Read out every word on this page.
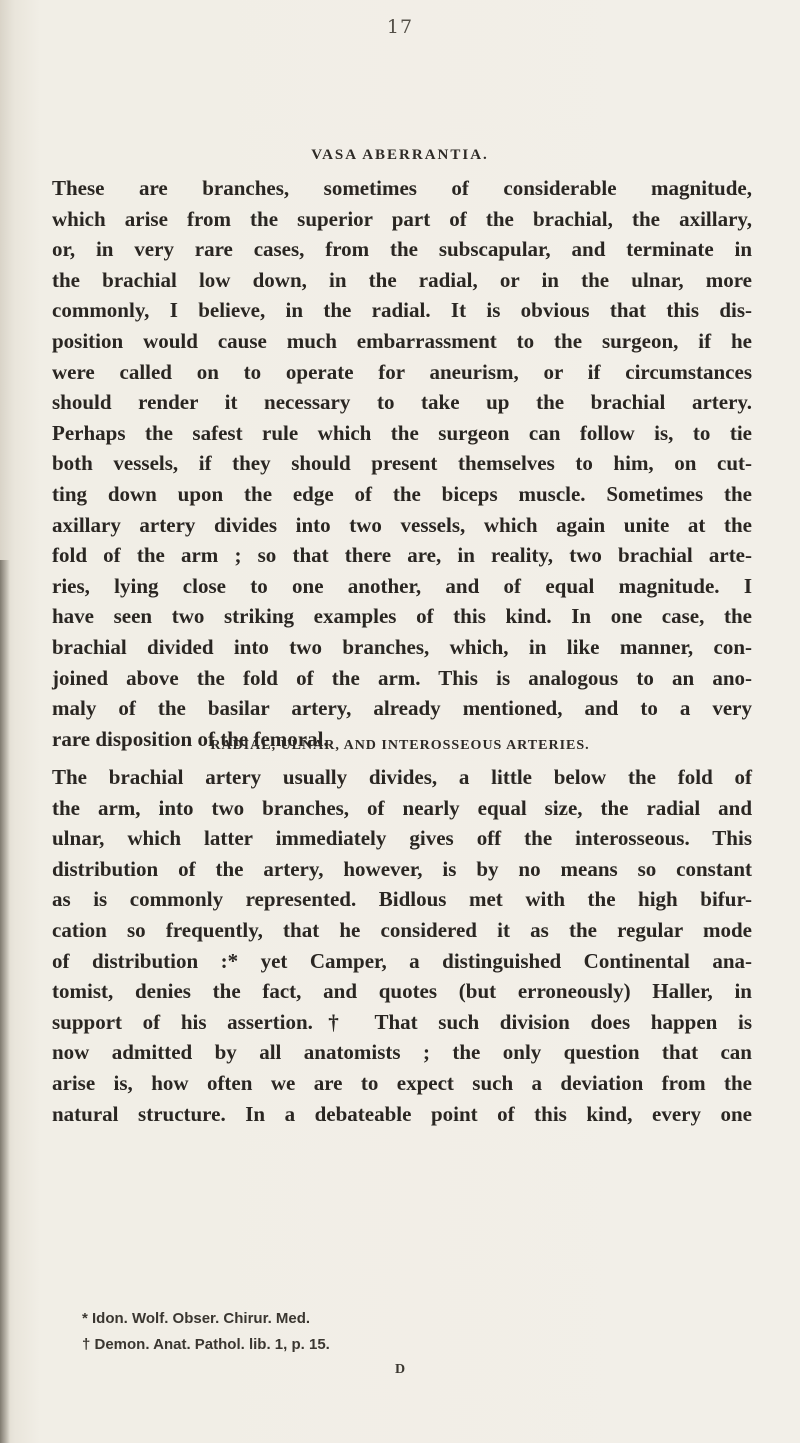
17
VASA ABERRANTIA.
These are branches, sometimes of considerable magnitude,
which arise from the superior part of the brachial, the axillary,
or, in very rare cases, from the subscapular, and terminate in
the brachial low down, in the radial, or in the ulnar, more
commonly, I believe, in the radial. It is obvious that this dis-
position would cause much embarrassment to the surgeon, if he
were called on to operate for aneurism, or if circumstances
should render it necessary to take up the brachial artery.
Perhaps the safest rule which the surgeon can follow is, to tie
both vessels, if they should present themselves to him, on cut-
ting down upon the edge of the biceps muscle. Sometimes the
axillary artery divides into two vessels, which again unite at the
fold of the arm ; so that there are, in reality, two brachial arte-
ries, lying close to one another, and of equal magnitude. I
have seen two striking examples of this kind. In one case, the
brachial divided into two branches, which, in like manner, con-
joined above the fold of the arm. This is analogous to an ano-
maly of the basilar artery, already mentioned, and to a very
rare disposition of the femoral.
RADIAL, ULNAR, AND INTEROSSEOUS ARTERIES.
The brachial artery usually divides, a little below the fold of
the arm, into two branches, of nearly equal size, the radial and
ulnar, which latter immediately gives off the interosseous. This
distribution of the artery, however, is by no means so constant
as is commonly represented. Bidlous met with the high bifur-
cation so frequently, that he considered it as the regular mode
of distribution :* yet Camper, a distinguished Continental ana-
tomist, denies the fact, and quotes (but erroneously) Haller, in
support of his assertion.† That such division does happen is
now admitted by all anatomists ; the only question that can
arise is, how often we are to expect such a deviation from the
natural structure. In a debateable point of this kind, every one
* Idon. Wolf. Obser. Chirur. Med.
† Demon. Anat. Pathol. lib. 1, p. 15.
D
